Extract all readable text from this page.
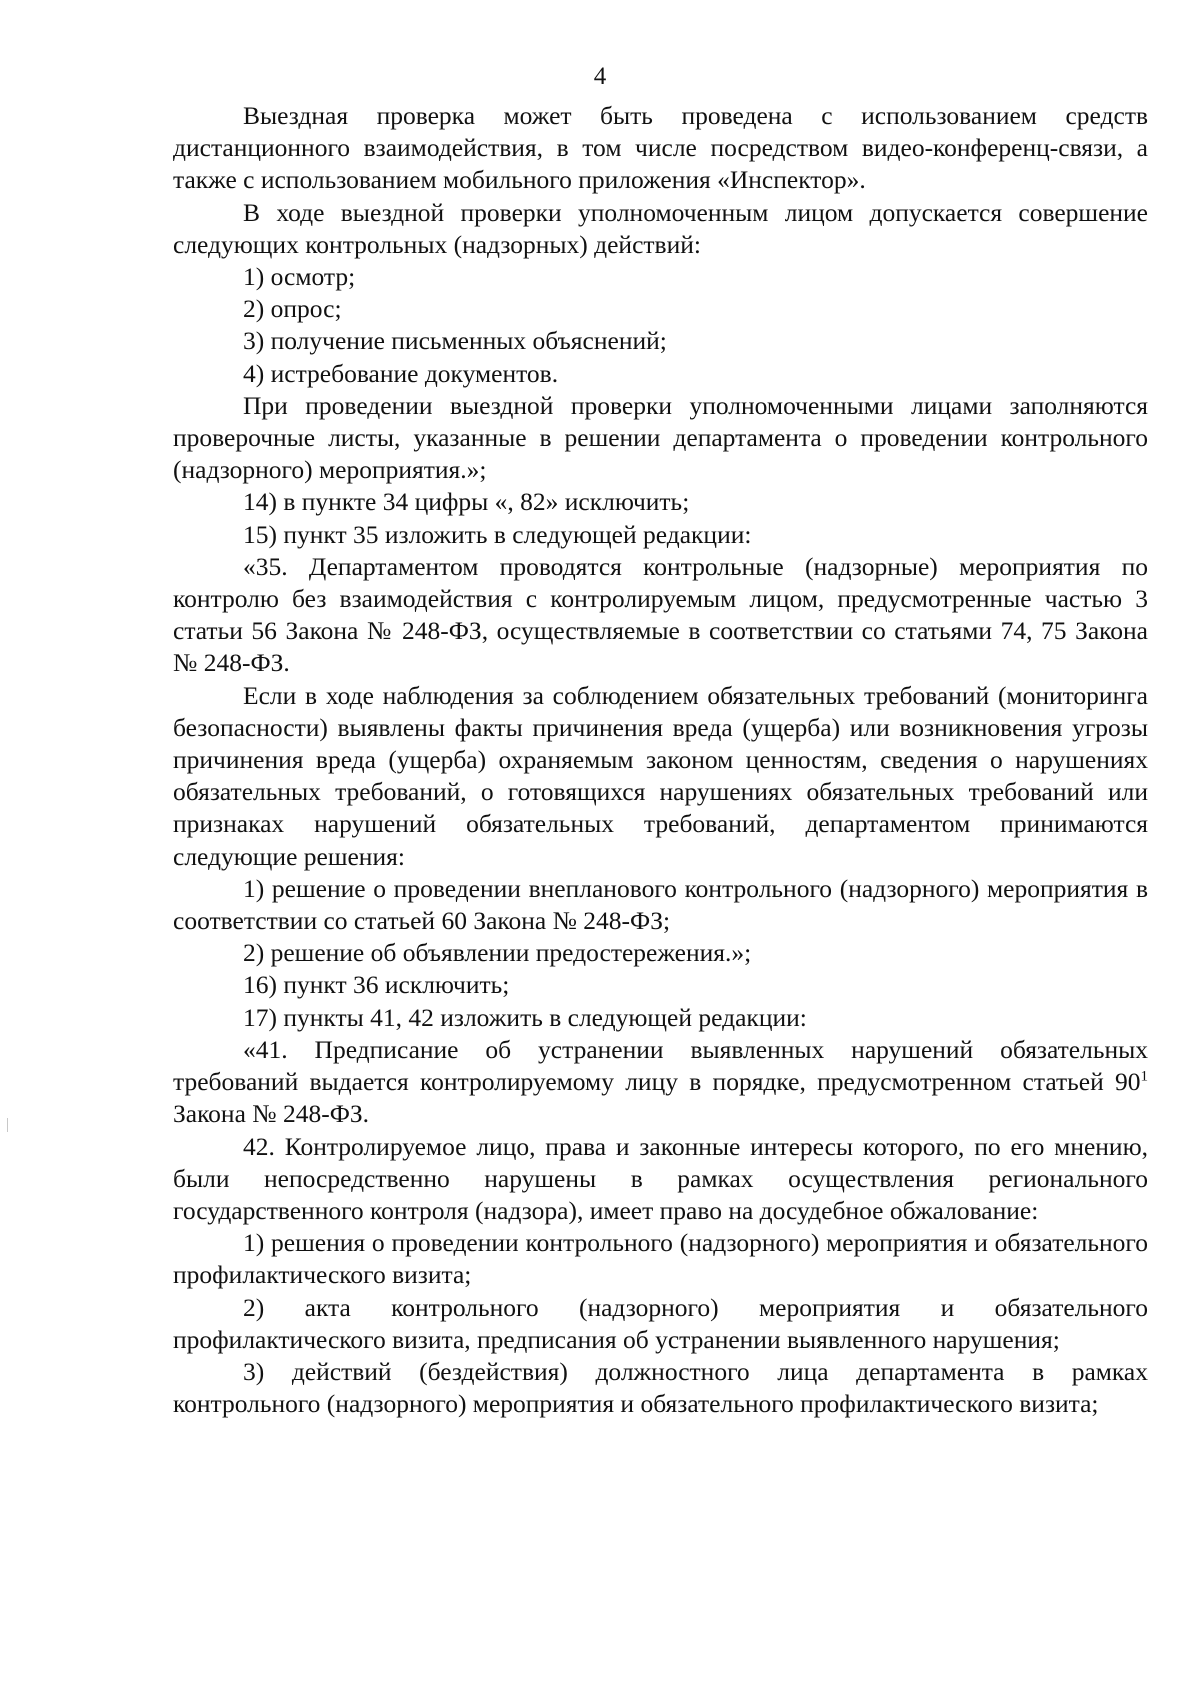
4

Выездная проверка может быть проведена с использованием средств дистанционного взаимодействия, в том числе посредством видео-конференц-связи, а также с использованием мобильного приложения «Инспектор».

В ходе выездной проверки уполномоченным лицом допускается совершение следующих контрольных (надзорных) действий:

1) осмотр;

2) опрос;

3) получение письменных объяснений;

4) истребование документов.

При проведении выездной проверки уполномоченными лицами заполняются проверочные листы, указанные в решении департамента о проведении контрольного (надзорного) мероприятия.»;

14) в пункте 34 цифры «, 82» исключить;

15) пункт 35 изложить в следующей редакции:

«35. Департаментом проводятся контрольные (надзорные) мероприятия по контролю без взаимодействия с контролируемым лицом, предусмотренные частью 3 статьи 56 Закона № 248-ФЗ, осуществляемые в соответствии со статьями 74, 75 Закона № 248-ФЗ.

Если в ходе наблюдения за соблюдением обязательных требований (мониторинга безопасности) выявлены факты причинения вреда (ущерба) или возникновения угрозы причинения вреда (ущерба) охраняемым законом ценностям, сведения о нарушениях обязательных требований, о готовящихся нарушениях обязательных требований или признаках нарушений обязательных требований, департаментом принимаются следующие решения:

1) решение о проведении внепланового контрольного (надзорного) мероприятия в соответствии со статьей 60 Закона № 248-ФЗ;

2) решение об объявлении предостережения.»;

16) пункт 36 исключить;

17) пункты 41, 42 изложить в следующей редакции:

«41. Предписание об устранении выявленных нарушений обязательных требований выдается контролируемому лицу в порядке, предусмотренном статьей $90^1$ Закона № 248-ФЗ.

42. Контролируемое лицо, права и законные интересы которого, по его мнению, были непосредственно нарушены в рамках осуществления регионального государственного контроля (надзора), имеет право на досудебное обжалование:

1) решения о проведении контрольного (надзорного) мероприятия и обязательного профилактического визита;

2) акта контрольного (надзорного) мероприятия и обязательного профилактического визита, предписания об устранении выявленного нарушения;

3) действий (бездействия) должностного лица департамента в рамках контрольного (надзорного) мероприятия и обязательного профилактического визита;
